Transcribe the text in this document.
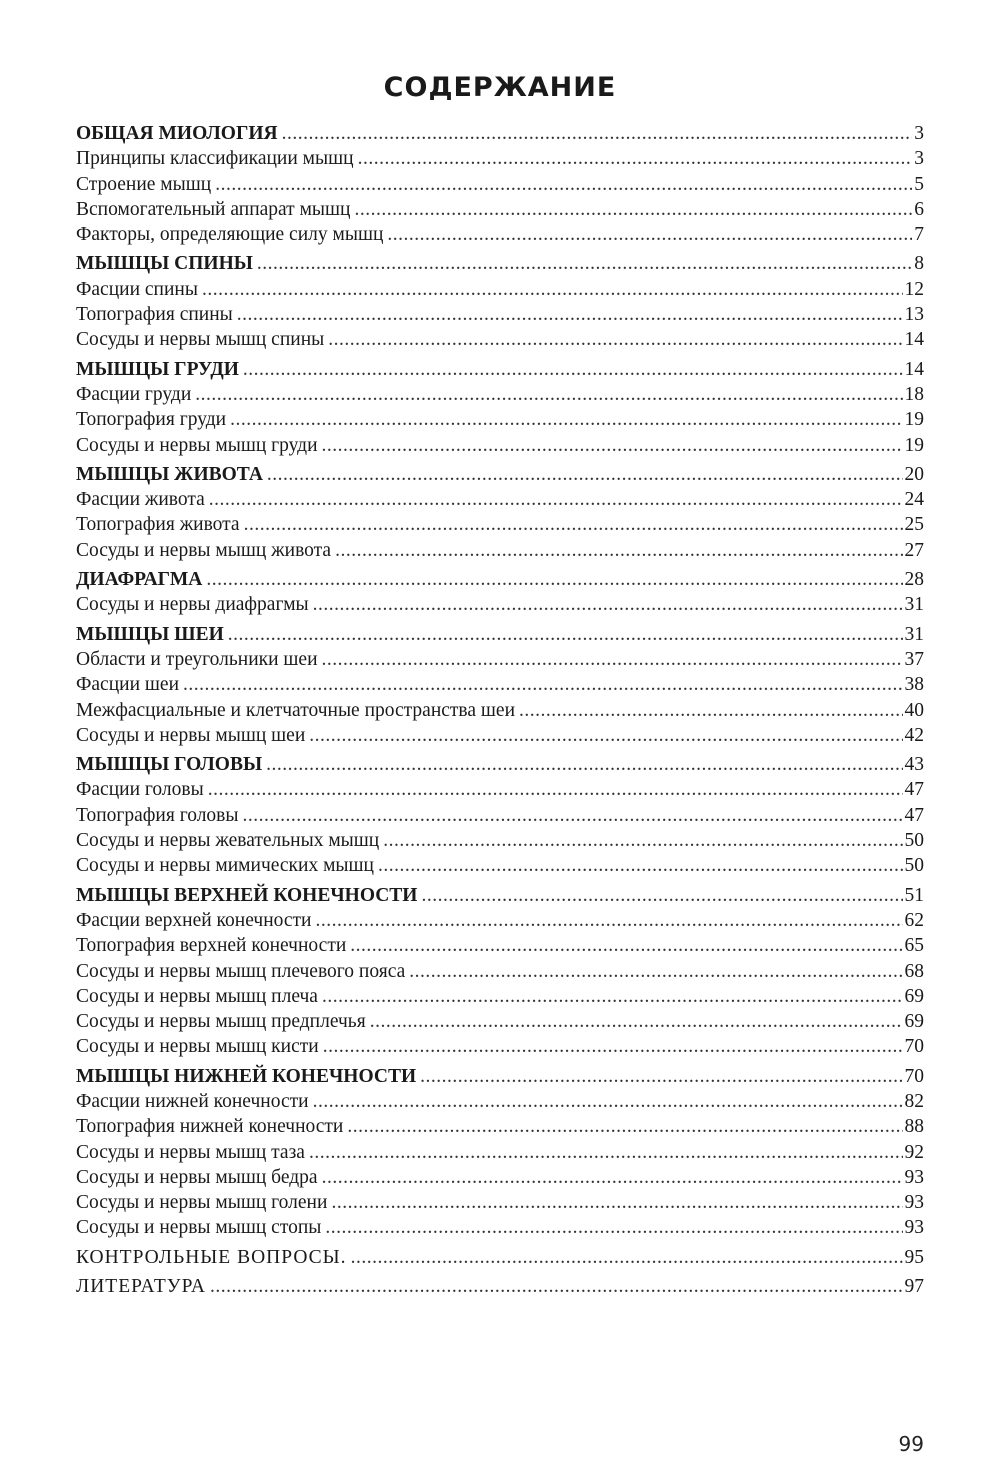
СОДЕРЖАНИЕ
ОБЩАЯ МИОЛОГИЯ .....	3
Принципы классификации мышц .....	3
Строение мышц .....	5
Вспомогательный аппарат мышц .....	6
Факторы, определяющие силу мышц .....	7
МЫШЦЫ СПИНЫ .....	8
Фасции спины .....	12
Топография спины .....	13
Сосуды и нервы мышц спины .....	14
МЫШЦЫ ГРУДИ .....	14
Фасции груди .....	18
Топография груди .....	19
Сосуды и нервы мышц груди .....	19
МЫШЦЫ ЖИВОТА .....	20
Фасции живота .....	24
Топография живота .....	25
Сосуды и нервы мышц живота .....	27
ДИАФРАГМА .....	28
Сосуды и нервы диафрагмы .....	31
МЫШЦЫ ШЕИ .....	31
Области и треугольники шеи .....	37
Фасции шеи .....	38
Межфасциальные и клетчаточные пространства шеи .....	40
Сосуды и нервы мышц шеи .....	42
МЫШЦЫ ГОЛОВЫ .....	43
Фасции головы .....	47
Топография головы .....	47
Сосуды и нервы жевательных мышц .....	50
Сосуды и нервы мимических мышц .....	50
МЫШЦЫ ВЕРХНЕЙ КОНЕЧНОСТИ .....	51
Фасции верхней конечности .....	62
Топография верхней конечности .....	65
Сосуды и нервы мышц плечевого пояса .....	68
Сосуды и нервы мышц плеча .....	69
Сосуды и нервы мышц предплечья .....	69
Сосуды и нервы мышц кисти .....	70
МЫШЦЫ НИЖНЕЙ КОНЕЧНОСТИ .....	70
Фасции нижней конечности .....	82
Топография нижней конечности .....	88
Сосуды и нервы мышц таза .....	92
Сосуды и нервы мышц бедра .....	93
Сосуды и нервы мышц голени .....	93
Сосуды и нервы мышц стопы .....	93
КОНТРОЛЬНЫЕ ВОПРОСЫ. .....	95
ЛИТЕРАТУРА .....	97
99
